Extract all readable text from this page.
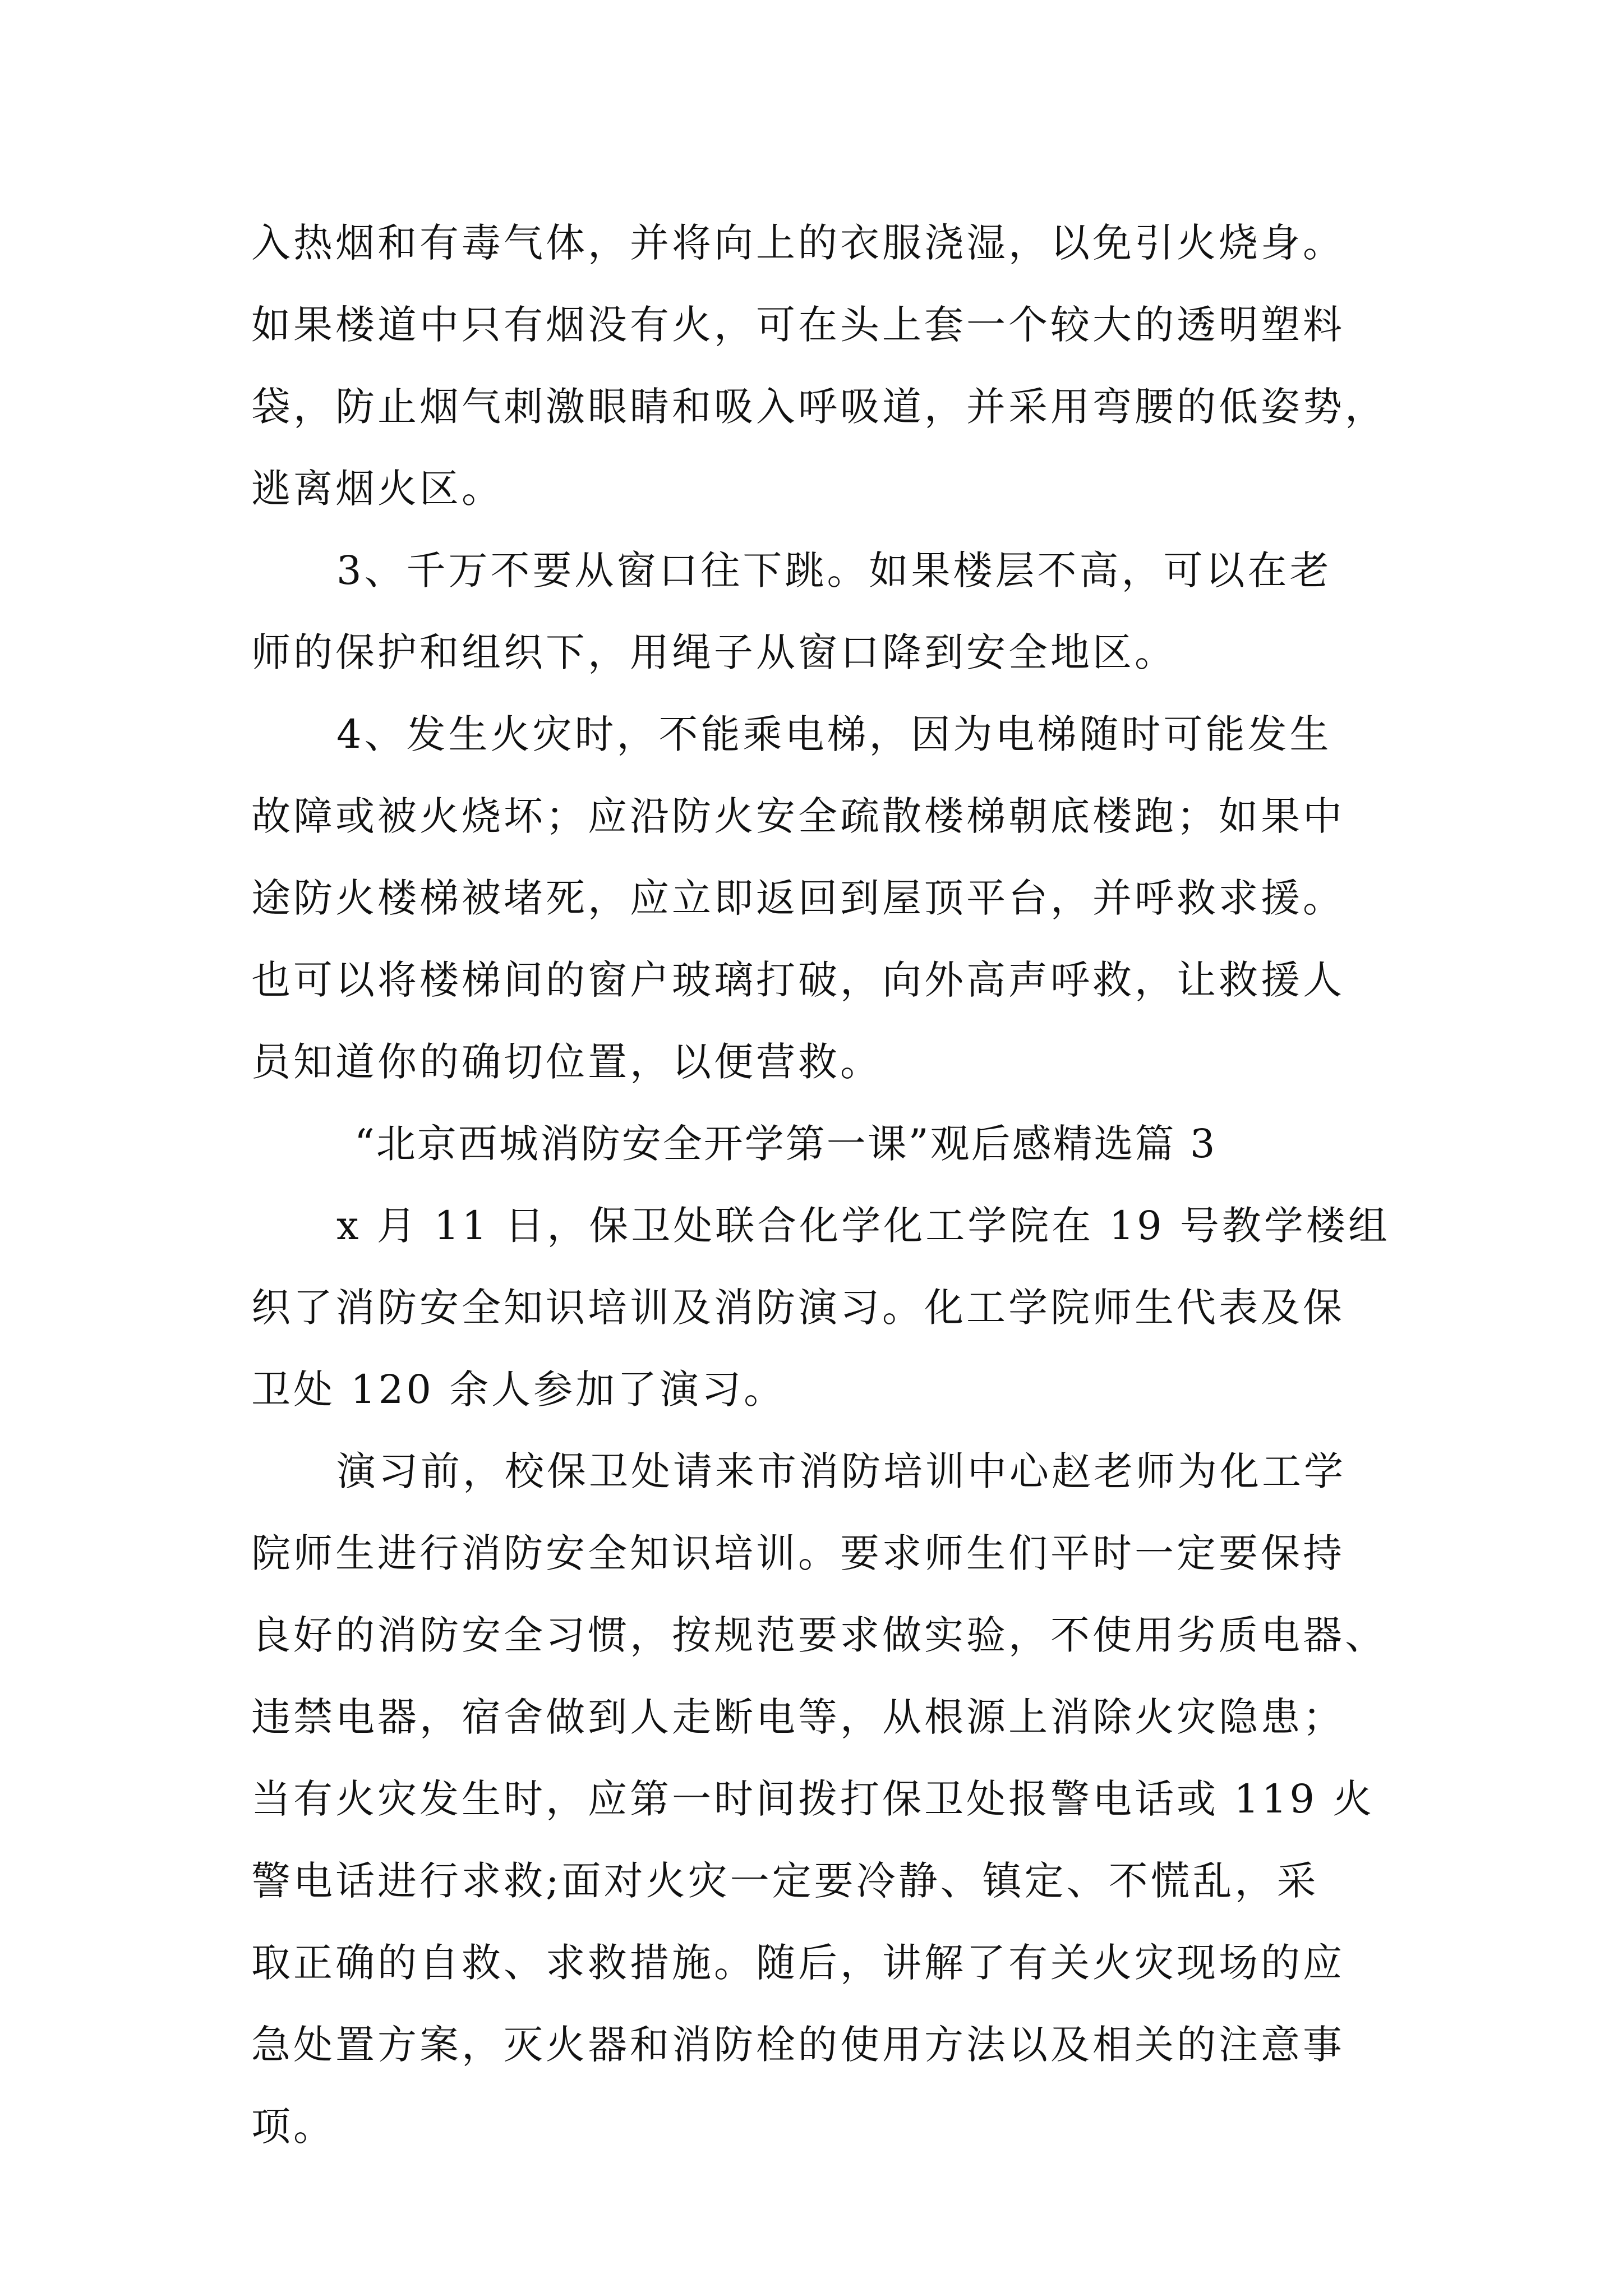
入热烟和有毒气体，并将向上的衣服浇湿，以免引火烧身。
如果楼道中只有烟没有火，可在头上套一个较大的透明塑料
袋，防止烟气刺激眼睛和吸入呼吸道，并采用弯腰的低姿势，
逃离烟火区。
3、千万不要从窗口往下跳。如果楼层不高，可以在老
师的保护和组织下，用绳子从窗口降到安全地区。
4、发生火灾时，不能乘电梯，因为电梯随时可能发生
故障或被火烧坏；应沿防火安全疏散楼梯朝底楼跑；如果中
途防火楼梯被堵死，应立即返回到屋顶平台，并呼救求援。
也可以将楼梯间的窗户玻璃打破，向外高声呼救，让救援人
员知道你的确切位置，以便营救。
“北京西城消防安全开学第一课”观后感精选篇 3
x 月 11 日，保卫处联合化学化工学院在 19 号教学楼组
织了消防安全知识培训及消防演习。化工学院师生代表及保
卫处 120 余人参加了演习。
演习前，校保卫处请来市消防培训中心赵老师为化工学
院师生进行消防安全知识培训。要求师生们平时一定要保持
良好的消防安全习惯，按规范要求做实验，不使用劣质电器、
违禁电器，宿舍做到人走断电等，从根源上消除火灾隐患；
当有火灾发生时，应第一时间拨打保卫处报警电话或 119 火
警电话进行求救;面对火灾一定要冷静、镇定、不慌乱，采
取正确的自救、求救措施。随后，讲解了有关火灾现场的应
急处置方案，灭火器和消防栓的使用方法以及相关的注意事
项。
